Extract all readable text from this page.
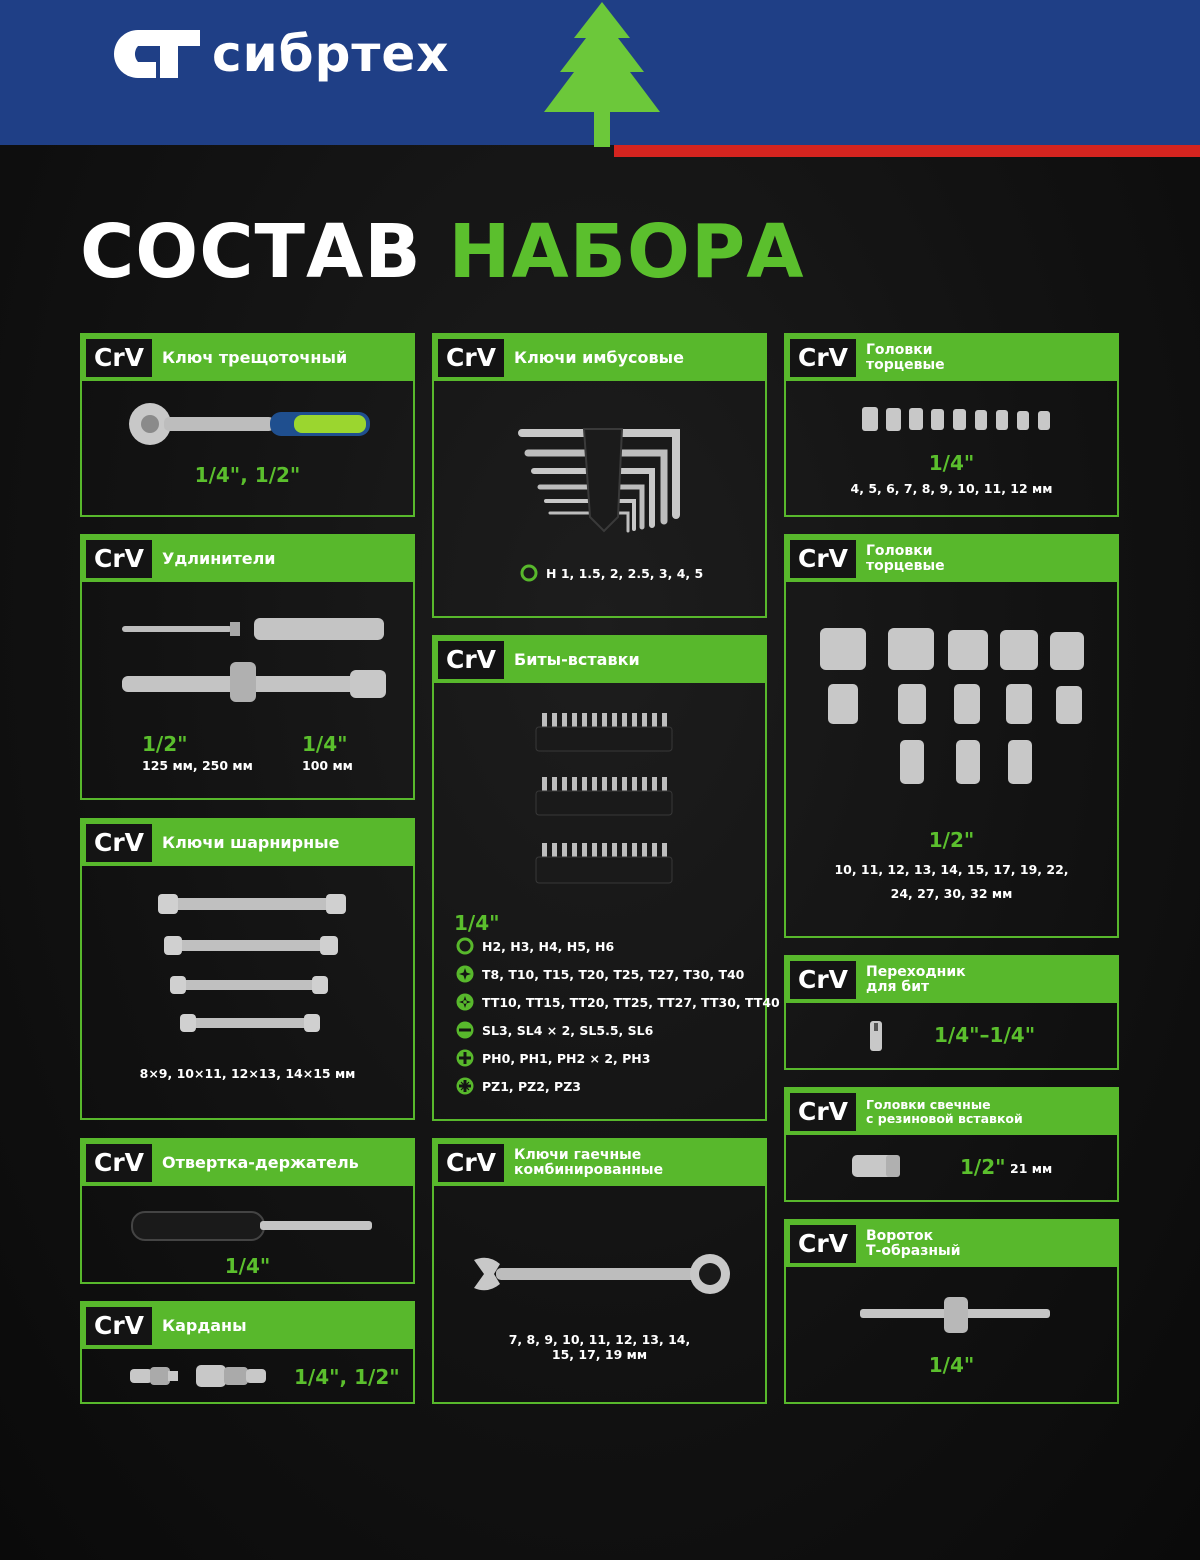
сибртех
СОСТАВ НАБОРА
CrV	Ключ трещоточный
1/4", 1/2"
CrV	Удлинители
1/2"
125 мм, 250 мм
1/4"
100 мм
CrV	Ключи шарнирные
8×9, 10×11, 12×13, 14×15 мм
CrV	Отвертка-держатель
1/4"
CrV	Карданы
1/4", 1/2"
CrV	Ключи имбусовые
H 1, 1.5, 2, 2.5, 3, 4, 5
CrV	Биты-вставки
1/4"
H2, H3, H4, H5, H6
T8, T10, T15, T20, T25, T27, T30, T40
TT10, TT15, TT20, TT25, TT27, TT30, TT40
SL3, SL4 × 2, SL5.5, SL6
PH0, PH1, PH2 × 2, PH3
PZ1, PZ2, PZ3
CrV	Ключи гаечные
комбинированные
7, 8, 9, 10, 11, 12, 13, 14,
15, 17, 19 мм
CrV	Головки
торцевые
1/4"
4, 5, 6, 7, 8, 9, 10, 11, 12 мм
CrV	Головки
торцевые
1/2"
10, 11, 12, 13, 14, 15, 17, 19, 22,
24, 27, 30, 32 мм
CrV	Переходник
для бит
1/4"–1/4"
CrV	Головки свечные
с резиновой вставкой
1/2" 21 мм
CrV	Вороток
Т-образный
1/4"
